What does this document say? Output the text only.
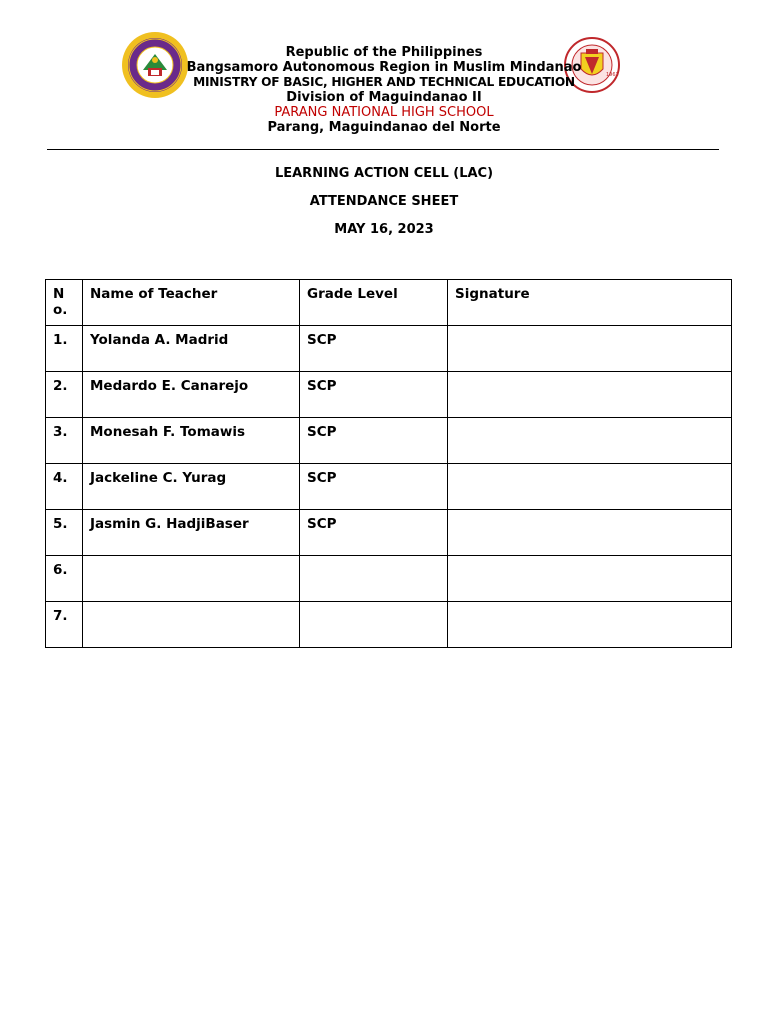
1963
Republic of the Philippines
Bangsamoro Autonomous Region in Muslim Mindanao
MINISTRY OF BASIC, HIGHER AND TECHNICAL EDUCATION
Division of Maguindanao II
PARANG NATIONAL HIGH SCHOOL
Parang, Maguindanao del Norte
LEARNING ACTION CELL (LAC)
ATTENDANCE SHEET
MAY 16, 2023
No.	Name of Teacher	Grade Level	Signature
1.	Yolanda A. Madrid	SCP	
2.	Medardo E. Canarejo	SCP	
3.	Monesah F. Tomawis	SCP	
4.	Jackeline C. Yurag	SCP	
5.	Jasmin G. HadjiBaser	SCP	
6.			
7.			
